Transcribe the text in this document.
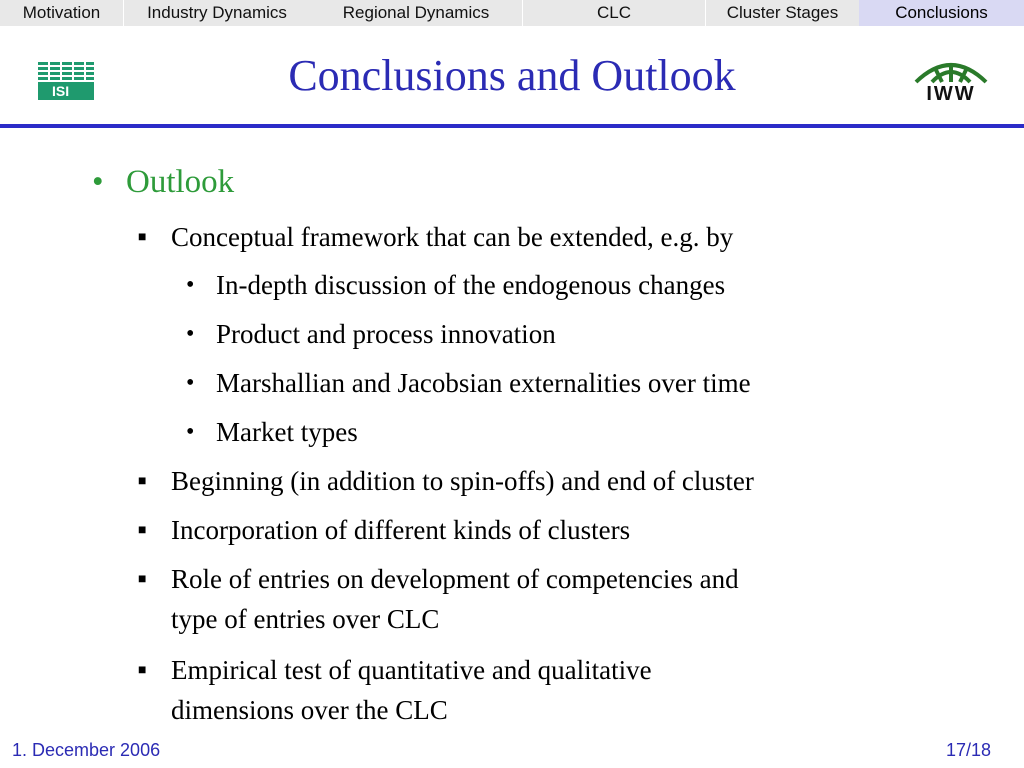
Motivation	Industry Dynamics	Regional Dynamics	CLC	Cluster Stages	Conclusions
ISI	Conclusions and Outlook	IWW
• Outlook
■ Conceptual framework that can be extended, e.g. by
• In-depth discussion of the endogenous changes
• Product and process innovation
• Marshallian and Jacobsian externalities over time
• Market types
■ Beginning (in addition to spin-offs) and end of cluster
■ Incorporation of different kinds of clusters
■ Role of entries on development of competencies and
type of entries over CLC
■ Empirical test of quantitative and qualitative
dimensions over the CLC
1. December 2006	17/18
